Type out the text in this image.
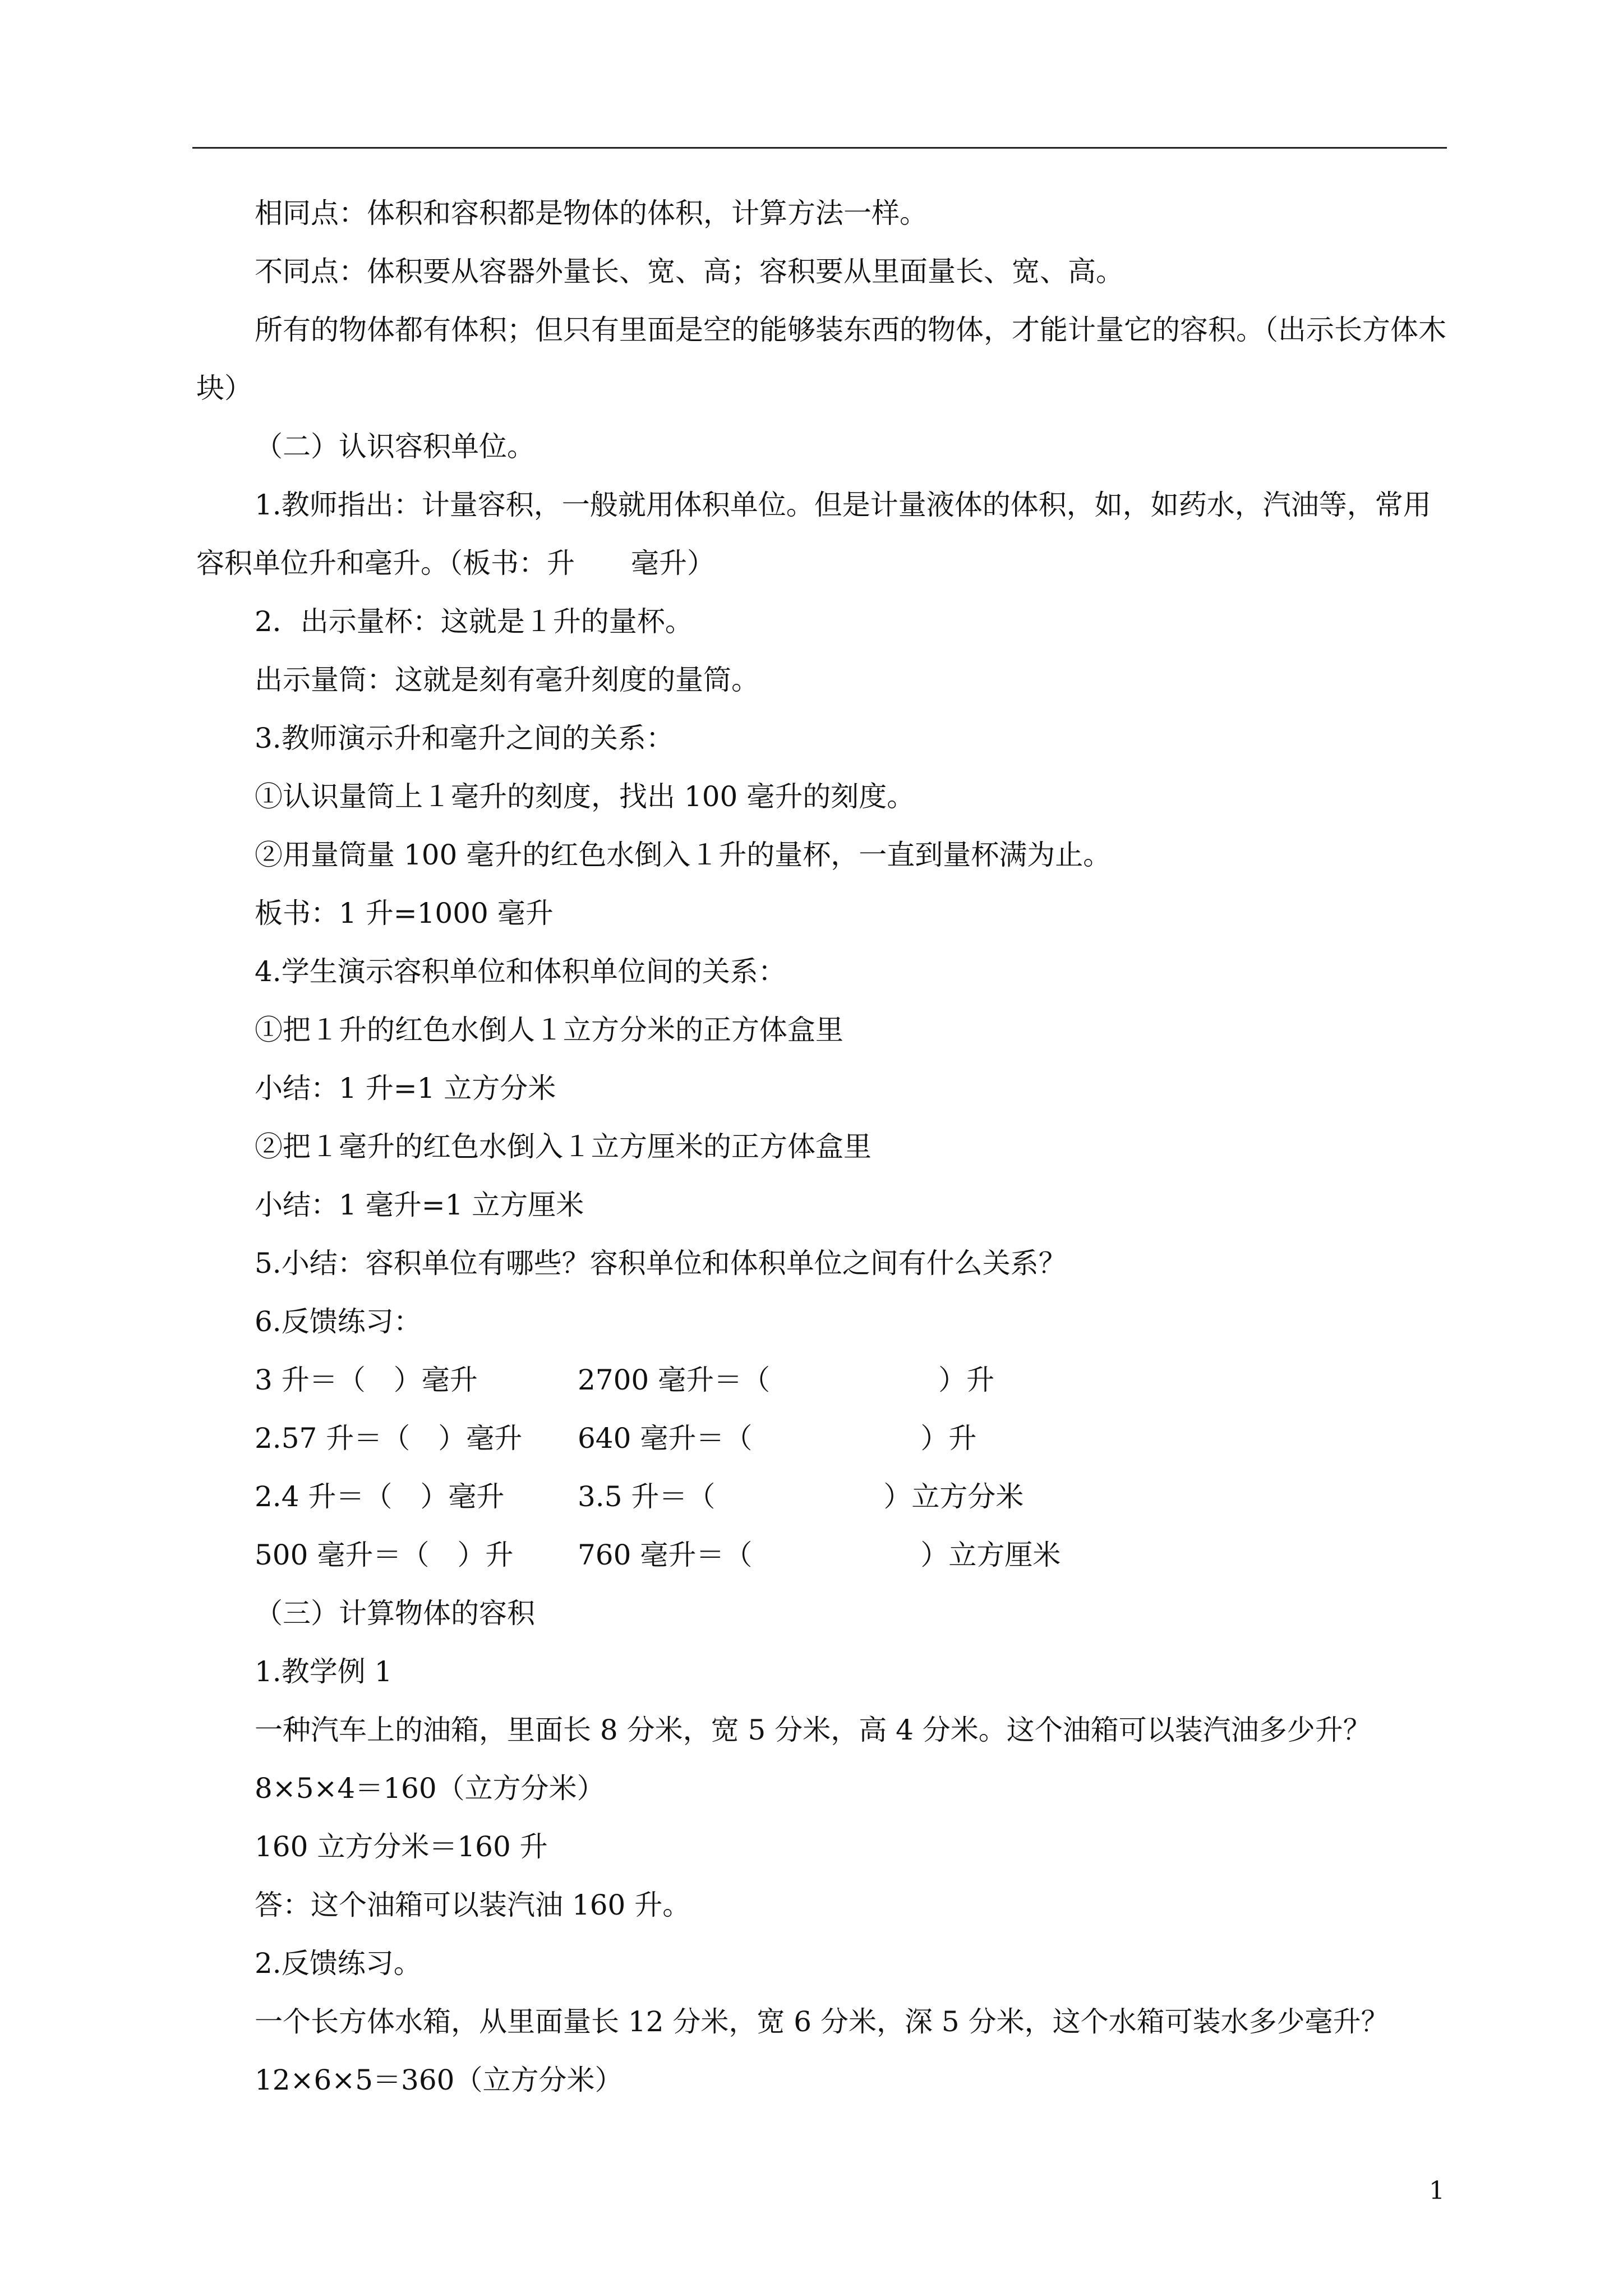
相同点：体积和容积都是物体的体积，计算方法一样。

不同点：体积要从容器外量长、宽、高；容积要从里面量长、宽、高。

所有的物体都有体积；但只有里面是空的能够装东西的物体，才能计量它的容积。（出示长方体木块）

（二）认识容积单位。

1.教师指出：计量容积，一般就用体积单位。但是计量液体的体积，如，如药水，汽油等，常用容积单位升和毫升。（板书：升　　毫升）

2．出示量杯：这就是１升的量杯。

出示量筒：这就是刻有毫升刻度的量筒。

3.教师演示升和毫升之间的关系：

①认识量筒上１毫升的刻度，找出 100 毫升的刻度。

②用量筒量 100 毫升的红色水倒入１升的量杯，一直到量杯满为止。

板书：1 升=1000 毫升

4.学生演示容积单位和体积单位间的关系：

①把１升的红色水倒人１立方分米的正方体盒里

小结：1 升=1 立方分米

②把１毫升的红色水倒入１立方厘米的正方体盒里

小结：1 毫升=1 立方厘米

5.小结：容积单位有哪些？容积单位和体积单位之间有什么关系？

6.反馈练习：

3 升＝（　）毫升	2700 毫升＝（　　　　　　）升
2.57 升＝（　）毫升	640 毫升＝（　　　　　　）升
2.4 升＝（　）毫升	3.5 升＝（　　　　　　）立方分米
500 毫升＝（　）升	760 毫升＝（　　　　　　）立方厘米

（三）计算物体的容积

1.教学例 1

一种汽车上的油箱，里面长 8 分米，宽 5 分米，高 4 分米。这个油箱可以装汽油多少升？

8×5×4＝160（立方分米）

160 立方分米＝160 升

答：这个油箱可以装汽油 160 升。

2.反馈练习。

一个长方体水箱，从里面量长 12 分米，宽 6 分米，深 5 分米，这个水箱可装水多少毫升？

12×6×5＝360（立方分米）

1
